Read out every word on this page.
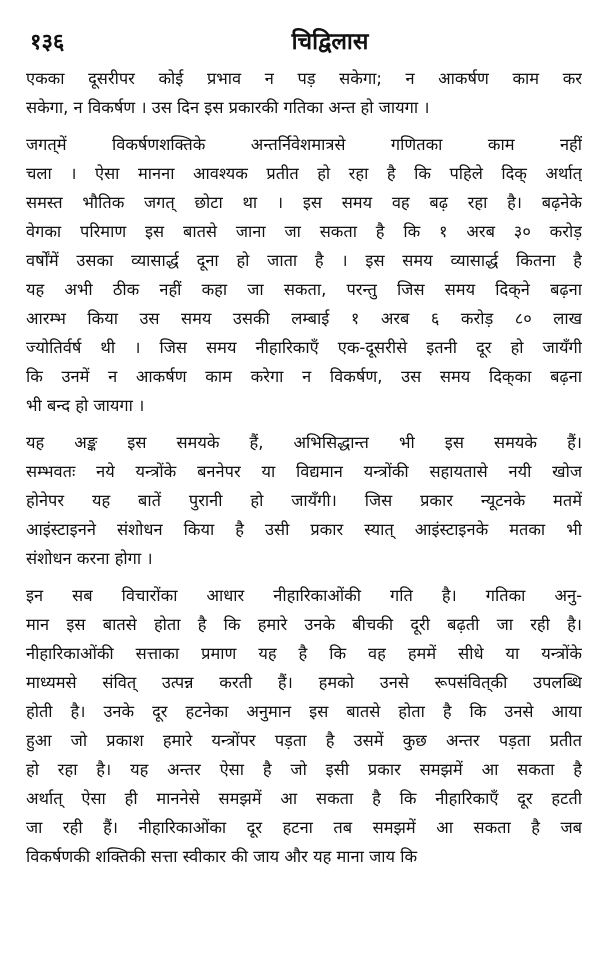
१३६	चिद्विलास
एकका दूसरीपर कोई प्रभाव न पड़ सकेगा; न आकर्षण काम कर
सकेगा, न विकर्षण । उस दिन इस प्रकारकी गतिका अन्त हो जायगा ।
जगत्‌में विकर्षणशक्तिके अन्तर्निवेशमात्रसे गणितका काम नहीं
चला । ऐसा मानना आवश्यक प्रतीत हो रहा है कि पहिले दिक् अर्थात्
समस्त भौतिक जगत् छोटा था । इस समय वह बढ़ रहा है। बढ़नेके
वेगका परिमाण इस बातसे जाना जा सकता है कि १ अरब ३० करोड़
वर्षोंमें उसका व्यासार्द्ध दूना हो जाता है । इस समय व्यासार्द्ध कितना है
यह अभी ठीक नहीं कहा जा सकता, परन्तु जिस समय दिक्‌ने बढ़ना
आरम्भ किया उस समय उसकी लम्बाई १ अरब ६ करोड़ ८० लाख
ज्योतिर्वर्ष थी । जिस समय नीहारिकाएँ एक-दूसरीसे इतनी दूर हो जायँगी
कि उनमें न आकर्षण काम करेगा न विकर्षण, उस समय दिक्‌का बढ़ना
भी बन्द हो जायगा ।
यह अङ्क इस समयके हैं, अभिसिद्धान्त भी इस समयके हैं।
सम्भवतः नये यन्त्रोंके बननेपर या विद्यमान यन्त्रोंकी सहायतासे नयी खोज
होनेपर यह बातें पुरानी हो जायँगी। जिस प्रकार न्यूटनके मतमें
आइंस्टाइनने संशोधन किया है उसी प्रकार स्यात् आइंस्टाइनके मतका भी
संशोधन करना होगा ।
इन सब विचारोंका आधार नीहारिकाओंकी गति है। गतिका अनु-
मान इस बातसे होता है कि हमारे उनके बीचकी दूरी बढ़ती जा रही है।
नीहारिकाओंकी सत्ताका प्रमाण यह है कि वह हममें सीधे या यन्त्रोंके
माध्यमसे संवित् उत्पन्न करती हैं। हमको उनसे रूपसंवित्‌की उपलब्धि
होती है। उनके दूर हटनेका अनुमान इस बातसे होता है कि उनसे आया
हुआ जो प्रकाश हमारे यन्त्रोंपर पड़ता है उसमें कुछ अन्तर पड़ता प्रतीत
हो रहा है। यह अन्तर ऐसा है जो इसी प्रकार समझमें आ सकता है
अर्थात् ऐसा ही माननेसे समझमें आ सकता है कि नीहारिकाएँ दूर हटती
जा रही हैं। नीहारिकाओंका दूर हटना तब समझमें आ सकता है जब
विकर्षणकी शक्तिकी सत्ता स्वीकार की जाय और यह माना जाय कि
